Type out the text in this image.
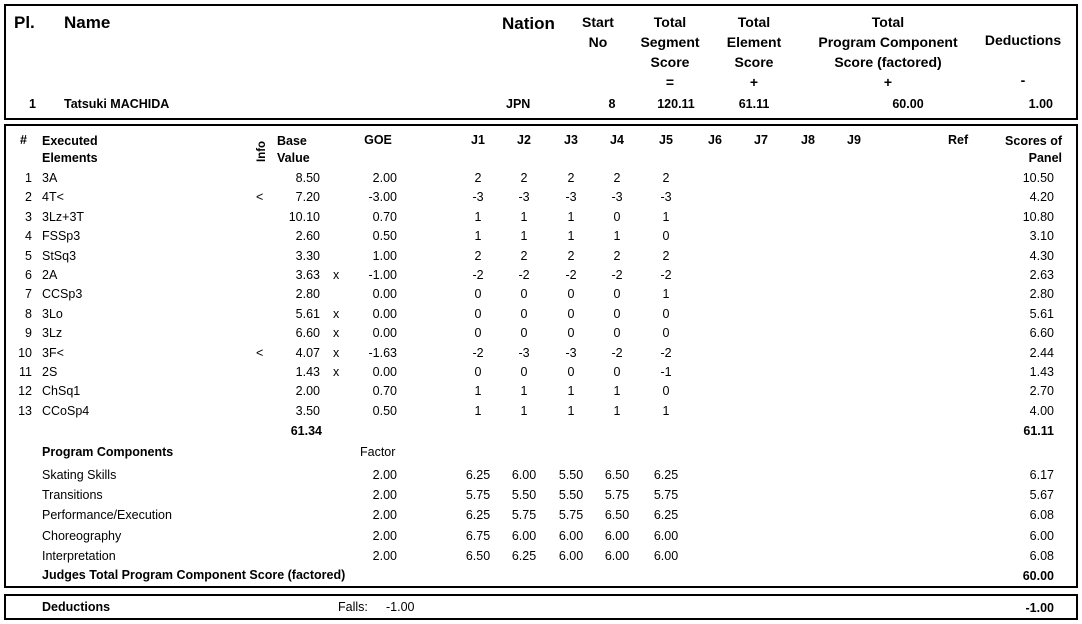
Pl. Name	Nation	Start
No
Total
Segment
Score
=
Total
Element
Score
+
Total
Program Component
Score (factored)
+
Deductions
-
1 Tatsuki MACHIDA	JPN	8	120.11	61.11	60.00	1.00
# Executed
Elements	Info Base
Value
GOE	J1	J2	J3	J4	J5	J6	J7	J8	J9	Ref	Scores of
Panel
1 3A	8.50	2.00	2	2	2	2	2	10.50
2 4T<	<	7.20	-3.00	-3	-3	-3	-3	-3	4.20
3 3Lz+3T	10.10	0.70	1	1	1	0	1	10.80
4 FSSp3	2.60	0.50	1	1	1	1	0	3.10
5 StSq3	3.30	1.00	2	2	2	2	2	4.30
6 2A	3.63 x	-1.00	-2	-2	-2	-2	-2	2.63
7 CCSp3	2.80	0.00	0	0	0	0	1	2.80
8 3Lo	5.61 x	0.00	0	0	0	0	0	5.61
9 3Lz	6.60 x	0.00	0	0	0	0	0	6.60
10 3F<	<	4.07 x	-1.63	-2	-3	-3	-2	-2	2.44
11 2S	1.43 x	0.00	0	0	0	0	-1	1.43
12 ChSq1	2.00	0.70	1	1	1	1	0	2.70
13 CCoSp4	3.50	0.50	1	1	1	1	1	4.00
61.34	61.11
Program Components	Factor
Skating Skills	2.00	6.25	6.00	5.50	6.50	6.25	6.17
Transitions	2.00	5.75	5.50	5.50	5.75	5.75	5.67
Performance/Execution	2.00	6.25	5.75	5.75	6.50	6.25	6.08
Choreography	2.00	6.75	6.00	6.00	6.00	6.00	6.00
Interpretation	2.00	6.50	6.25	6.00	6.00	6.00	6.08
Judges Total Program Component Score (factored)	60.00
Deductions	Falls: -1.00	-1.00
